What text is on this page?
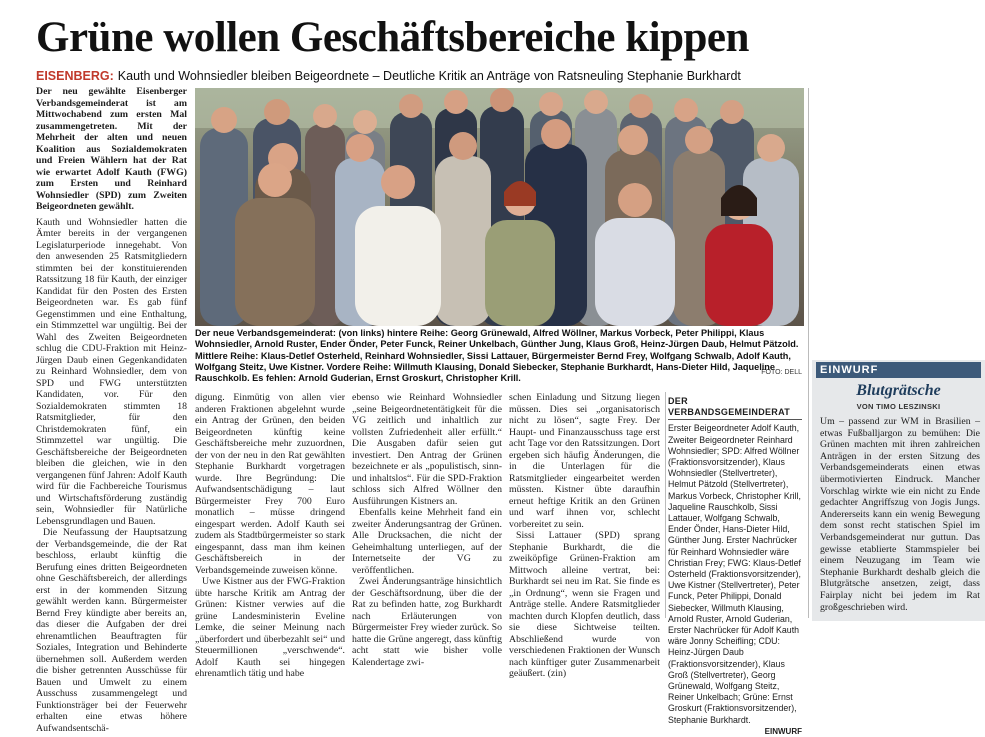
Grüne wollen Geschäftsbereiche kippen
EISENBERG: Kauth und Wohnsiedler bleiben Beigeordnete – Deutliche Kritik an Anträge von Ratsneuling Stephanie Burkhardt

Der neu gewählte Eisenberger Verbandsgemeinderat ist am Mittwochabend zum ersten Mal zusammengetreten. Mit der Mehrheit der alten und neuen Koalition aus Sozialdemokraten und Freien Wählern hat der Rat wie erwartet Adolf Kauth (FWG) zum Ersten und Reinhard Wohnsiedler (SPD) zum Zweiten Beigeordneten gewählt.

Kauth und Wohnsiedler hatten die Ämter bereits in der vergangenen Legislaturperiode innegehabt. Von den anwesenden 25 Ratsmitgliedern stimmten bei der konstituierenden Ratssitzung 18 für Kauth, der einziger Kandidat für den Posten des Ersten Beigeordneten war. Es gab fünf Gegenstimmen und eine Enthaltung, ein Stimmzettel war ungültig. Bei der Wahl des Zweiten Beigeordneten schlug die CDU-Fraktion mit Heinz-Jürgen Daub einen Gegenkandidaten zu Reinhard Wohnsiedler, dem von SPD und FWG unterstützten Kandidaten, vor. Für den Sozialdemokraten stimmten 18 Ratsmitglieder, für den Christdemokraten fünf, ein Stimmzettel war ungültig. Die Geschäftsbereiche der Beigeordneten bleiben die gleichen, wie in den vergangenen fünf Jahren: Adolf Kauth wird für die Fachbereiche Tourismus und Wirtschaftsförderung zuständig sein, Wohnsiedler für Natürliche Lebensgrundlagen und Bauen.

Die Neufassung der Hauptsatzung der Verbandsgemeinde, die der Rat beschloss, erlaubt künftig die Berufung eines dritten Beigeordneten ohne Geschäftsbereich, der allerdings erst in der kommenden Sitzung gewählt werden kann. Bürgermeister Bernd Frey kündigte aber bereits an, das dieser die Aufgaben der drei ehrenamtlichen Beauftragten für Soziales, Integration und Behinderte übernehmen soll. Außerdem werden die bisher getrennten Ausschüsse für Bauen und Umwelt zu einem Ausschuss zusammengelegt und Funktionsträger bei der Feuerwehr erhalten eine etwas höhere Aufwandsentschä-

Der neue Verbandsgemeinderat: (von links) hintere Reihe: Georg Grünewald, Alfred Wöllner, Markus Vorbeck, Peter Philippi, Klaus Wohnsiedler, Arnold Ruster, Ender Önder, Peter Funck, Reiner Unkelbach, Günther Jung, Klaus Groß, Heinz-Jürgen Daub, Helmut Pätzold. Mittlere Reihe: Klaus-Detlef Osterheld, Reinhard Wohnsiedler, Sissi Lattauer, Bürgermeister Bernd Frey, Wolfgang Schwalb, Adolf Kauth, Wolfgang Steitz, Uwe Kistner. Vordere Reihe: Willmuth Klausing, Donald Siebecker, Stephanie Burkhardt, Hans-Dieter Hild, Jaqueline Rauschkolb. Es fehlen: Arnold Guderian, Ernst Groskurt, Christopher Krill.
FOTO: DELL

digung. Einmütig von allen vier anderen Fraktionen abgelehnt wurde ein Antrag der Grünen, den beiden Beigeordneten künftig keine Geschäftsbereiche mehr zuzuordnen, der von der neu in den Rat gewählten Stephanie Burkhardt vorgetragen wurde. Ihre Begründung: Die Aufwandsentschädigung – laut Bürgermeister Frey 700 Euro monatlich – müsse dringend eingespart werden. Adolf Kauth sei zudem als Stadtbürgermeister so stark eingespannt, dass man ihm keinen Geschäftsbereich in der Verbandsgemeinde zuweisen könne.

Uwe Kistner aus der FWG-Fraktion übte harsche Kritik am Antrag der Grünen: Kistner verwies auf die grüne Landesministerin Eveline Lemke, die seiner Meinung nach „überfordert und überbezahlt sei“ und Steuermillionen „verschwende“. Adolf Kauth sei hingegen ehrenamtlich tätig und habe

ebenso wie Reinhard Wohnsiedler „seine Beigeordnetentätigkeit für die VG zeitlich und inhaltlich zur vollsten Zufriedenheit aller erfüllt.“ Die Ausgaben dafür seien gut investiert. Den Antrag der Grünen bezeichnete er als „populistisch, sinn- und inhaltslos“. Für die SPD-Fraktion schloss sich Alfred Wöllner den Ausführungen Kistners an.

Ebenfalls keine Mehrheit fand ein zweiter Änderungsantrag der Grünen. Alle Drucksachen, die nicht der Geheimhaltung unterliegen, auf der Internetseite der VG zu veröffentlichen.

Zwei Änderungsanträge hinsichtlich der Geschäftsordnung, über die der Rat zu befinden hatte, zog Burkhardt nach Erläuterungen von Bürgermeister Frey wieder zurück. So hatte die Grüne angeregt, dass künftig acht statt wie bisher volle Kalendertage zwi-

schen Einladung und Sitzung liegen müssen. Dies sei „organisatorisch nicht zu lösen“, sagte Frey. Der Haupt- und Finanzausschuss tage erst acht Tage vor den Ratssitzungen. Dort ergeben sich häufig Änderungen, die in die Unterlagen für die Ratsmitglieder eingearbeitet werden müssten. Kistner übte daraufhin erneut heftige Kritik an den Grünen und warf ihnen vor, schlecht vorbereitet zu sein.

Sissi Lattauer (SPD) sprang Stephanie Burkhardt, die die zweiköpfige Grünen-Fraktion am Mittwoch alleine vertrat, bei: Burkhardt sei neu im Rat. Sie finde es „in Ordnung“, wenn sie Fragen und Anträge stelle. Andere Ratsmitglieder machten durch Klopfen deutlich, dass sie diese Sichtweise teilten. Abschließend wurde von verschiedenen Fraktionen der Wunsch nach künftiger guter Zusammenarbeit geäußert. (zin)

DER VERBANDSGEMEINDERAT
Erster Beigeordneter Adolf Kauth, Zweiter Beigeordneter Reinhard Wohnsiedler; SPD: Alfred Wöllner (Fraktionsvorsitzender), Klaus Wohnsiedler (Stellvertreter), Helmut Pätzold (Stellvertreter), Markus Vorbeck, Christopher Krill, Jaqueline Rauschkolb, Sissi Lattauer, Wolfgang Schwalb, Ender Önder, Hans-Dieter Hild, Günther Jung. Erster Nachrücker für Reinhard Wohnsiedler wäre Christian Frey; FWG: Klaus-Detlef Osterheld (Fraktionsvorsitzender), Uwe Kistner (Stellvertreter), Peter Funck, Peter Philippi, Donald Siebecker, Willmuth Klausing, Arnold Ruster, Arnold Guderian, Erster Nachrücker für Adolf Kauth wäre Jonny Scheifling; CDU: Heinz-Jürgen Daub (Fraktionsvorsitzender), Klaus Groß (Stellvertreter), Georg Grünewald, Wolfgang Steitz, Reiner Unkelbach; Grüne: Ernst Groskurt (Fraktionsvorsitzender), Stephanie Burkhardt.
EINWURF
EINWURF
Blutgrätsche
VON TIMO LESZINSKI
Um – passend zur WM in Brasilien – etwas Fußballjargon zu bemühen: Die Grünen machten mit ihren zahlreichen Anträgen in der ersten Sitzung des Verbandsgemeinderats einen etwas übermotivierten Eindruck. Mancher Vorschlag wirkte wie ein nicht zu Ende gedachter Angriffszug von Jogis Jungs. Andererseits kann ein wenig Bewegung dem sonst recht statischen Spiel im Verbandsgemeinderat nur guttun. Das gewisse etablierte Stammspieler bei einem Neuzugang im Team wie Stephanie Burkhardt deshalb gleich die Blutgrätsche ansetzen, zeigt, dass Fairplay nicht bei jedem im Rat großgeschrieben wird.
